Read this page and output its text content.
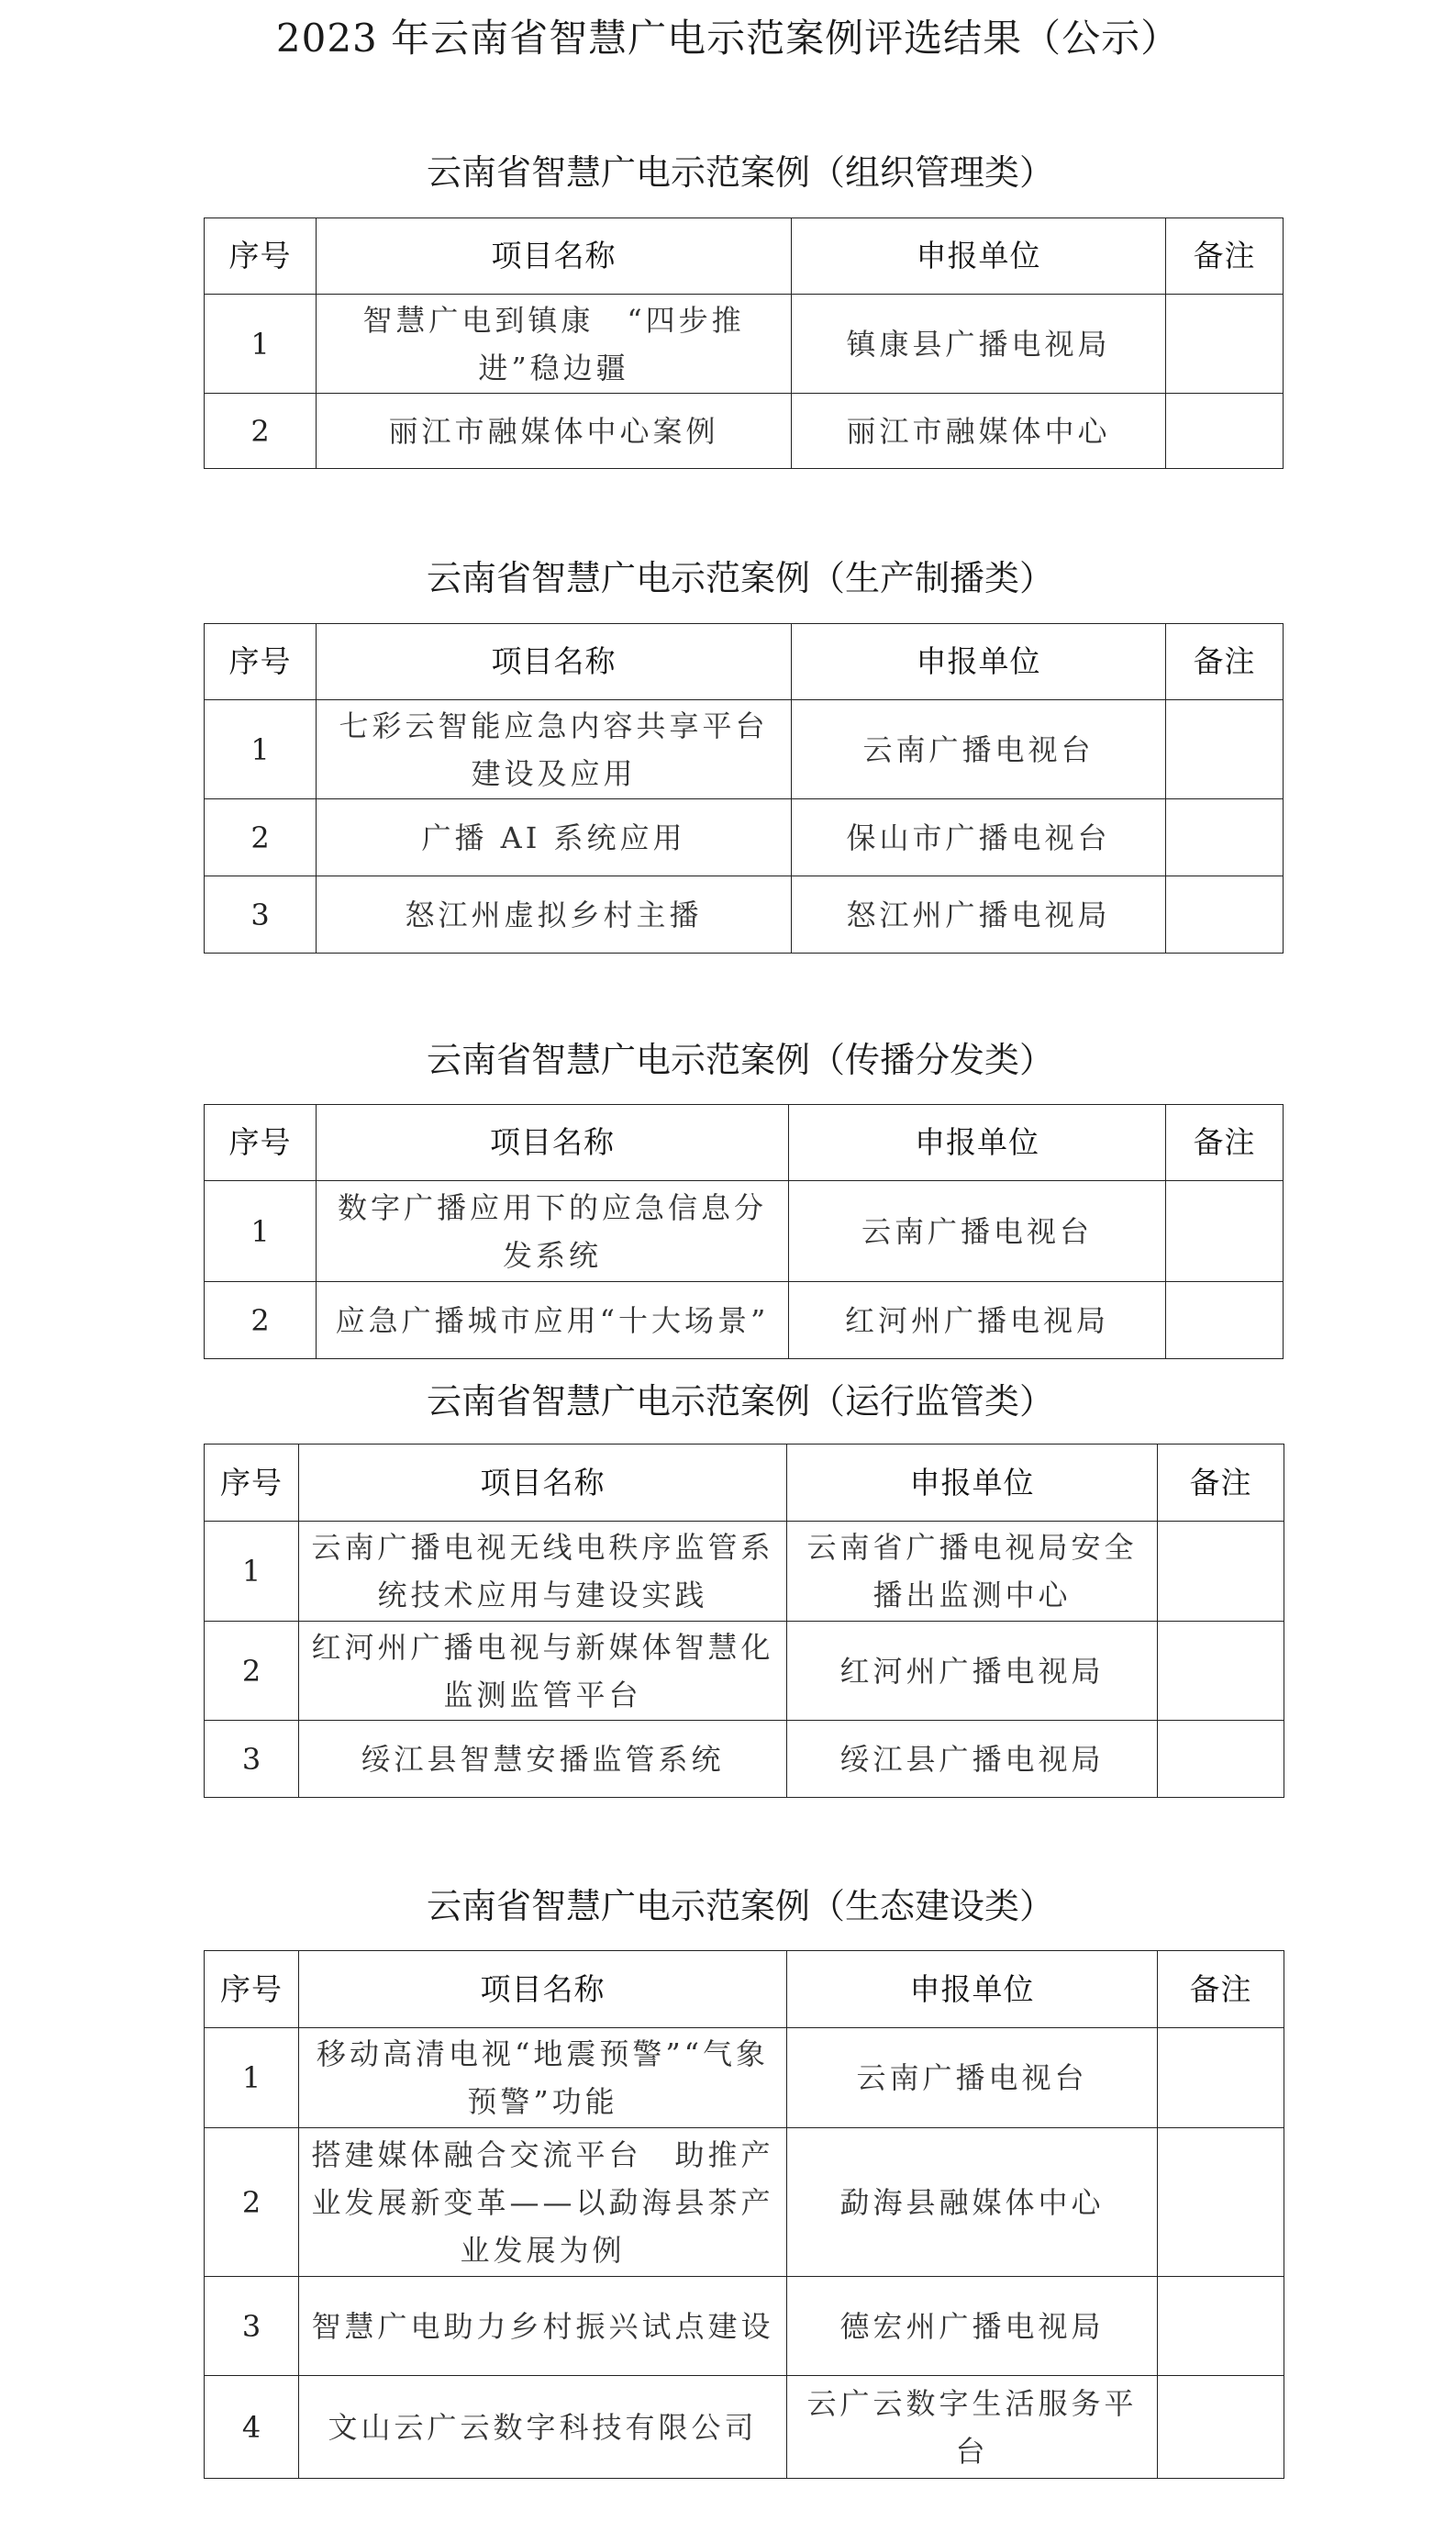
2023 年云南省智慧广电示范案例评选结果（公示）
云南省智慧广电示范案例（组织管理类）
序号	项目名称	申报单位	备注
1	智慧广电到镇康　“四步推进”稳边疆	镇康县广播电视局	
2	丽江市融媒体中心案例	丽江市融媒体中心	
云南省智慧广电示范案例（生产制播类）
序号	项目名称	申报单位	备注
1	七彩云智能应急内容共享平台建设及应用	云南广播电视台	
2	广播 AI 系统应用	保山市广播电视台	
3	怒江州虚拟乡村主播	怒江州广播电视局	
云南省智慧广电示范案例（传播分发类）
序号	项目名称	申报单位	备注
1	数字广播应用下的应急信息分发系统	云南广播电视台	
2	应急广播城市应用“十大场景”	红河州广播电视局	
云南省智慧广电示范案例（运行监管类）
序号	项目名称	申报单位	备注
1	云南广播电视无线电秩序监管系统技术应用与建设实践	云南省广播电视局安全播出监测中心	
2	红河州广播电视与新媒体智慧化监测监管平台	红河州广播电视局	
3	绥江县智慧安播监管系统	绥江县广播电视局	
云南省智慧广电示范案例（生态建设类）
序号	项目名称	申报单位	备注
1	移动高清电视“地震预警”“气象预警”功能	云南广播电视台	
2	搭建媒体融合交流平台　助推产业发展新变革——以勐海县茶产业发展为例	勐海县融媒体中心	
3	智慧广电助力乡村振兴试点建设	德宏州广播电视局	
4	文山云广云数字科技有限公司	云广云数字生活服务平台	
